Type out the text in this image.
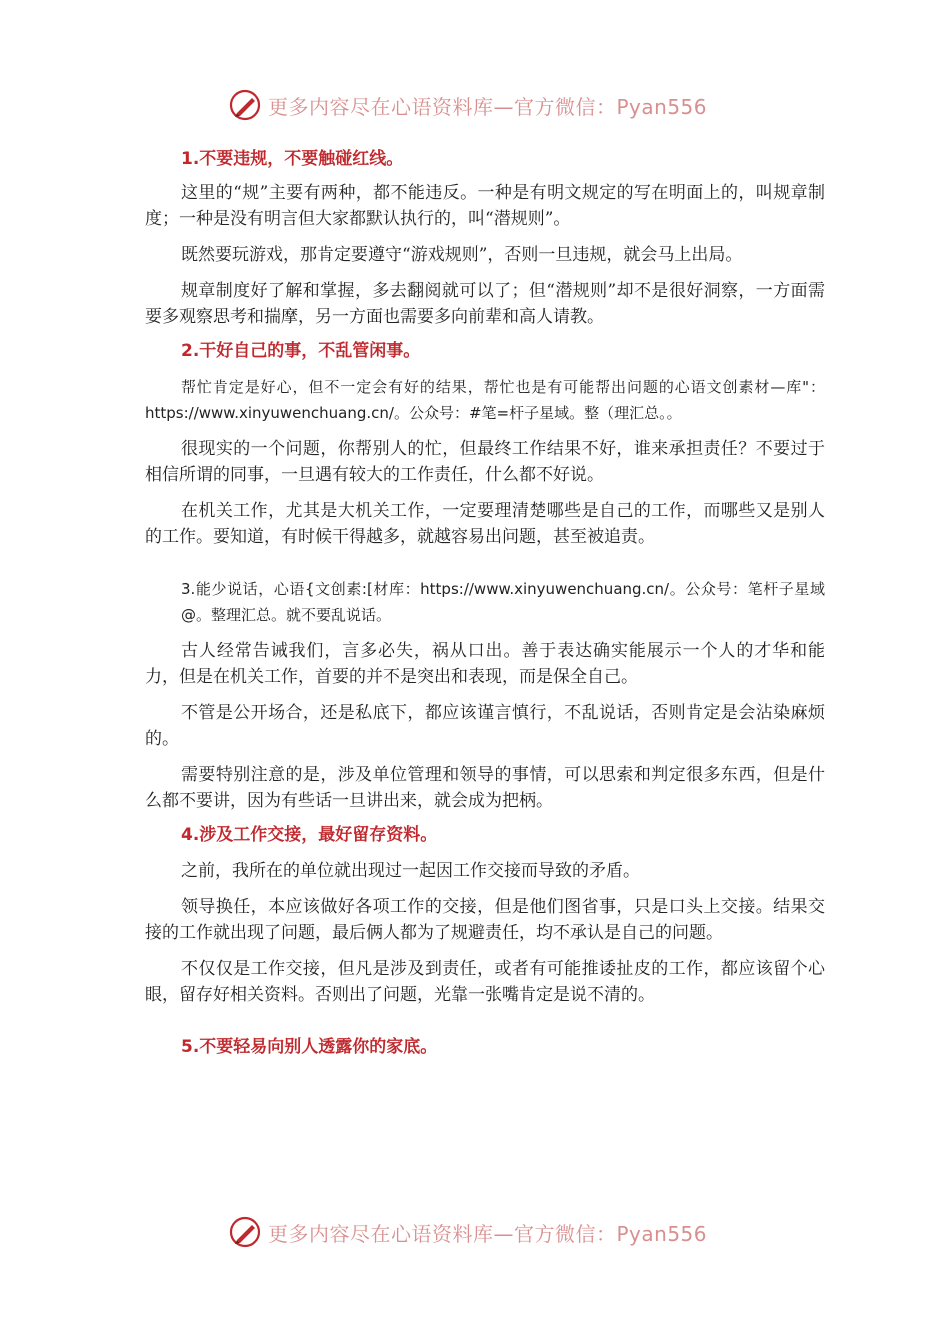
更多内容尽在心语资料库—官方微信：Pyan556

1.不要违规，不要触碰红线。

这里的“规”主要有两种，都不能违反。一种是有明文规定的写在明面上的，叫规章制度；一种是没有明言但大家都默认执行的，叫“潜规则”。

既然要玩游戏，那肯定要遵守“游戏规则”，否则一旦违规，就会马上出局。

规章制度好了解和掌握，多去翻阅就可以了；但“潜规则”却不是很好洞察，一方面需要多观察思考和揣摩，另一方面也需要多向前辈和高人请教。

2.干好自己的事，不乱管闲事。

帮忙肯定是好心，但不一定会有好的结果，帮忙也是有可能帮出问题的心语文创素材—库"：https://www.xinyuwenchuang.cn/。公众号：#笔=杆子星域。整（理汇总。。

很现实的一个问题，你帮别人的忙，但最终工作结果不好，谁来承担责任？不要过于相信所谓的同事，一旦遇有较大的工作责任，什么都不好说。

在机关工作，尤其是大机关工作，一定要理清楚哪些是自己的工作，而哪些又是别人的工作。要知道，有时候干得越多，就越容易出问题，甚至被追责。

3.能少说话，心语{文创素:[材库：https://www.xinyuwenchuang.cn/。公众号：笔杆子星域@。整理汇总。就不要乱说话。

古人经常告诫我们，言多必失，祸从口出。善于表达确实能展示一个人的才华和能力，但是在机关工作，首要的并不是突出和表现，而是保全自己。

不管是公开场合，还是私底下，都应该谨言慎行，不乱说话，否则肯定是会沾染麻烦的。

需要特别注意的是，涉及单位管理和领导的事情，可以思索和判定很多东西，但是什么都不要讲，因为有些话一旦讲出来，就会成为把柄。

4.涉及工作交接，最好留存资料。

之前，我所在的单位就出现过一起因工作交接而导致的矛盾。

领导换任，本应该做好各项工作的交接，但是他们图省事，只是口头上交接。结果交接的工作就出现了问题，最后俩人都为了规避责任，均不承认是自己的问题。

不仅仅是工作交接，但凡是涉及到责任，或者有可能推诿扯皮的工作，都应该留个心眼，留存好相关资料。否则出了问题，光靠一张嘴肯定是说不清的。

5.不要轻易向别人透露你的家底。

更多内容尽在心语资料库—官方微信：Pyan556
